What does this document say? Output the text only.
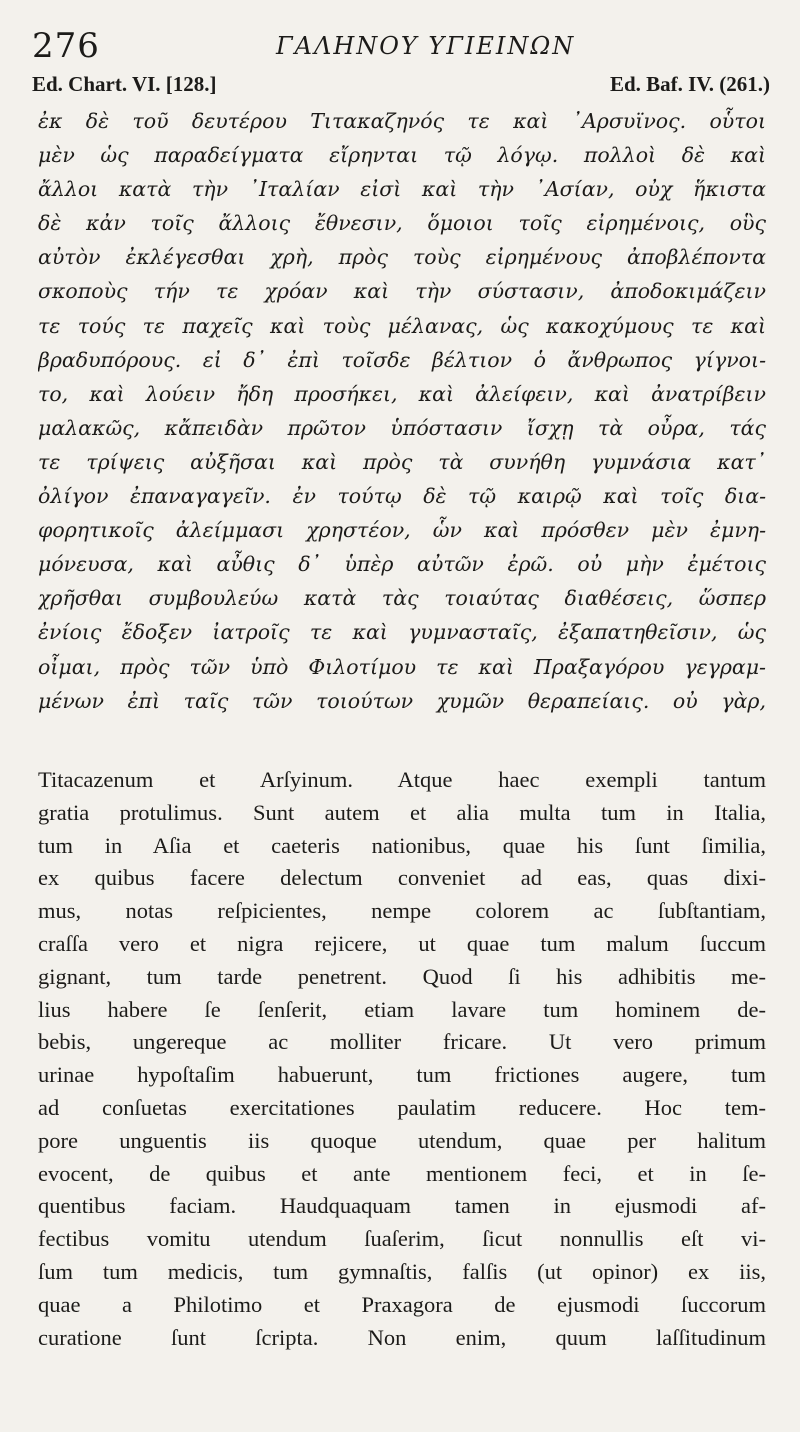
276	ΓΑΛΗΝΟΥ ΥΓΙΕΙΝΩΝ
Ed. Chart. VI. [128.]	Ed. Baf. IV. (261.)
ἐκ δὲ τοῦ δευτέρου Τιτακαζηνός τε καὶ ᾿Αρσυϊνος. οὗτοι
μὲν ὡς παραδείγματα εἴρηνται τῷ λόγῳ. πολλοὶ δὲ καὶ
ἄλλοι κατὰ τὴν ᾿Ιταλίαν εἰσὶ καὶ τὴν ᾿Ασίαν, οὐχ ἥκιστα
δὲ κἀν τοῖς ἄλλοις ἔθνεσιν, ὅμοιοι τοῖς εἰρημένοις, οὓς
αὐτὸν ἐκλέγεσθαι χρὴ, πρὸς τοὺς εἰρημένους ἀποβλέποντα
σκοποὺς τήν τε χρόαν καὶ τὴν σύστασιν, ἀποδοκιμάζειν
τε τούς τε παχεῖς καὶ τοὺς μέλανας, ὡς κακοχύμους τε καὶ
βραδυπόρους. εἰ δ᾿ ἐπὶ τοῖσδε βέλτιον ὁ ἄνθρωπος γίγνοι-
το, καὶ λούειν ἤδη προσήκει, καὶ ἀλείφειν, καὶ ἀνατρίβειν
μαλακῶς, κἄπειδὰν πρῶτον ὑπόστασιν ἴσχῃ τὰ οὖρα, τάς
τε τρίψεις αὐξῆσαι καὶ πρὸς τὰ συνήθη γυμνάσια κατ᾿
ὀλίγον ἐπαναγαγεῖν. ἐν τούτῳ δὲ τῷ καιρῷ καὶ τοῖς δια-
φορητικοῖς ἀλείμμασι χρηστέον, ὧν καὶ πρόσθεν μὲν ἐμνη-
μόνευσα, καὶ αὖθις δ᾿ ὑπὲρ αὐτῶν ἐρῶ. οὐ μὴν ἐμέτοις
χρῆσθαι συμβουλεύω κατὰ τὰς τοιαύτας διαθέσεις, ὥσπερ
ἐνίοις ἔδοξεν ἰατροῖς τε καὶ γυμνασταῖς, ἐξαπατηθεῖσιν, ὡς
οἶμαι, πρὸς τῶν ὑπὸ Φιλοτίμου τε καὶ Πραξαγόρου γεγραμ-
μένων ἐπὶ ταῖς τῶν τοιούτων χυμῶν θεραπείαις. οὐ γὰρ,
Titacazenum et Arſyinum. Atque haec exempli tantum
gratia protulimus. Sunt autem et alia multa tum in Italia,
tum in Aſia et caeteris nationibus, quae his ſunt ſimilia,
ex quibus facere delectum conveniet ad eas, quas dixi-
mus, notas reſpicientes, nempe colorem ac ſubſtantiam,
craſſa vero et nigra rejicere, ut quae tum malum ſuccum
gignant, tum tarde penetrent. Quod ſi his adhibitis me-
lius habere ſe ſenſerit, etiam lavare tum hominem de-
bebis, ungereque ac molliter fricare. Ut vero primum
urinae hypoſtaſim habuerunt, tum frictiones augere, tum
ad conſuetas exercitationes paulatim reducere. Hoc tem-
pore unguentis iis quoque utendum, quae per halitum
evocent, de quibus et ante mentionem feci, et in ſe-
quentibus faciam. Haudquaquam tamen in ejusmodi af-
fectibus vomitu utendum ſuaſerim, ſicut nonnullis eſt vi-
ſum tum medicis, tum gymnaſtis, falſis (ut opinor) ex iis,
quae a Philotimo et Praxagora de ejusmodi ſuccorum
curatione ſunt ſcripta. Non enim, quum laſſitudinum
